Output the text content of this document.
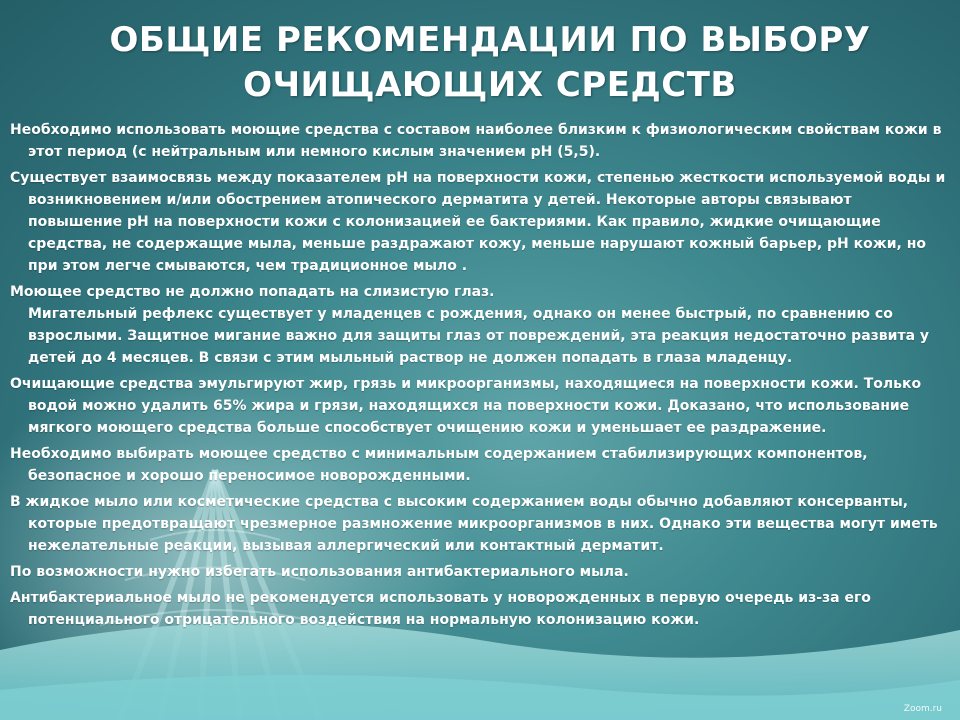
ОБЩИЕ РЕКОМЕНДАЦИИ ПО ВЫБОРУ ОЧИЩАЮЩИХ СРЕДСТВ

Необходимо использовать моющие средства с составом наиболее близким к физиологическим свойствам кожи в этот период (с нейтральным или немного кислым значением pH (5,5).

Существует взаимосвязь между показателем pH на поверхности кожи, степенью жесткости используемой воды и возникновением и/или обострением атопического дерматита у детей. Некоторые авторы связывают повышение pH на поверхности кожи с колонизацией ее бактериями. Как правило, жидкие очищающие средства, не содержащие мыла, меньше раздражают кожу, меньше нарушают кожный барьер, pH кожи, но при этом легче смываются, чем традиционное мыло .

Моющее средство не должно попадать на слизистую глаз.
Мигательный рефлекс существует у младенцев с рождения, однако он менее быстрый, по сравнению со взрослыми. Защитное мигание важно для защиты глаз от повреждений, эта реакция недостаточно развита у детей до 4 месяцев. В связи с этим мыльный раствор не должен попадать в глаза младенцу.

Очищающие средства эмульгируют жир, грязь и микроорганизмы, находящиеся на поверхности кожи. Только водой можно удалить 65% жира и грязи, находящихся на поверхности кожи. Доказано, что использование мягкого моющего средства больше способствует очищению кожи и уменьшает ее раздражение.

Необходимо выбирать моющее средство с минимальным содержанием стабилизирующих компонентов, безопасное и хорошо переносимое новорожденными.

В жидкое мыло или косметические средства с высоким содержанием воды обычно добавляют консерванты, которые предотвращают чрезмерное размножение микроорганизмов в них. Однако эти вещества могут иметь нежелательные реакции, вызывая аллергический или контактный дерматит.

По возможности нужно избегать использования антибактериального мыла.

Антибактериальное мыло не рекомендуется использовать у новорожденных в первую очередь из-за его потенциального отрицательного воздействия на нормальную колонизацию кожи.

Zoom.ru
